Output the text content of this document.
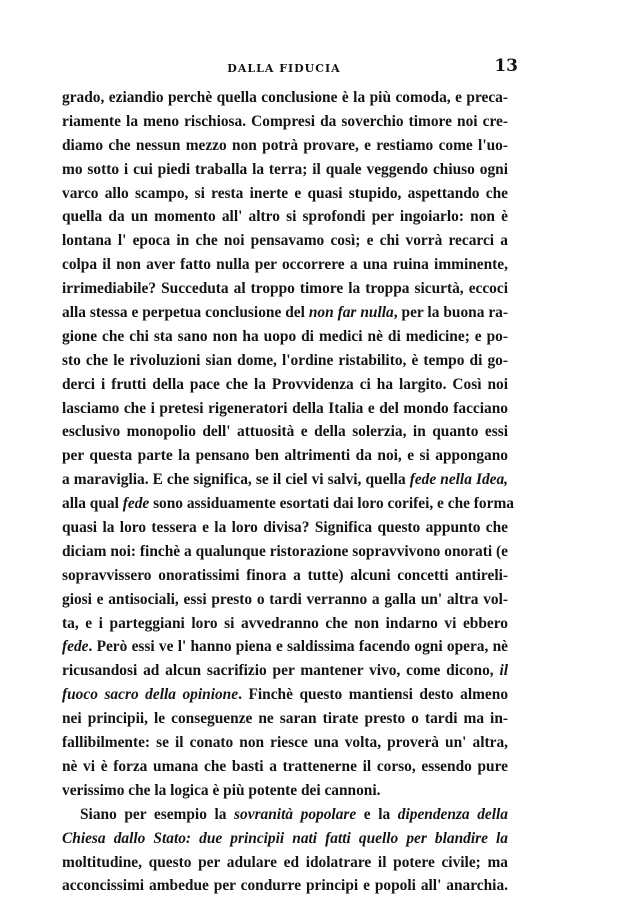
DALLA FIDUCIA	13
grado, eziandio perchè quella conclusione è la più comoda, e preca-
riamente la meno rischiosa. Compresi da soverchio timore noi cre-
diamo che nessun mezzo non potrà provare, e restiamo come l'uo-
mo sotto i cui piedi traballa la terra; il quale veggendo chiuso ogni
varco allo scampo, si resta inerte e quasi stupido, aspettando che
quella da un momento all' altro si sprofondi per ingoiarlo: non è
lontana l' epoca in che noi pensavamo così; e chi vorrà recarci a
colpa il non aver fatto nulla per occorrere a una ruina imminente,
irrimediabile? Succeduta al troppo timore la troppa sicurtà, eccoci
alla stessa e perpetua conclusione del non far nulla, per la buona ra-
gione che chi sta sano non ha uopo di medici nè di medicine; e po-
sto che le rivoluzioni sian dome, l'ordine ristabilito, è tempo di go-
derci i frutti della pace che la Provvidenza ci ha largito. Così noi
lasciamo che i pretesi rigeneratori della Italia e del mondo facciano
esclusivo monopolio dell' attuosità e della solerzia, in quanto essi
per questa parte la pensano ben altrimenti da noi, e si appongano
a maraviglia. E che significa, se il ciel vi salvi, quella fede nella Idea,
alla qual fede sono assiduamente esortati dai loro corifei, e che forma
quasi la loro tessera e la loro divisa? Significa questo appunto che
diciam noi: finchè a qualunque ristorazione sopravvivono onorati (e
sopravvissero onoratissimi finora a tutte) alcuni concetti antireli-
giosi e antisociali, essi presto o tardi verranno a galla un' altra vol-
ta, e i parteggiani loro si avvedranno che non indarno vi ebbero
fede. Però essi ve l' hanno piena e saldissima facendo ogni opera, nè
ricusandosi ad alcun sacrifizio per mantener vivo, come dicono, il
fuoco sacro della opinione. Finchè questo mantiensi desto almeno
nei principii, le conseguenze ne saran tirate presto o tardi ma in-
fallibilmente: se il conato non riesce una volta, proverà un' altra,
nè vi è forza umana che basti a trattenerne il corso, essendo pure
verissimo che la logica è più potente dei cannoni.
Siano per esempio la sovranità popolare e la dipendenza della
Chiesa dallo Stato: due principii nati fatti quello per blandire la
moltitudine, questo per adulare ed idolatrare il potere civile; ma
acconcissimi ambedue per condurre principi e popoli all' anarchia.
